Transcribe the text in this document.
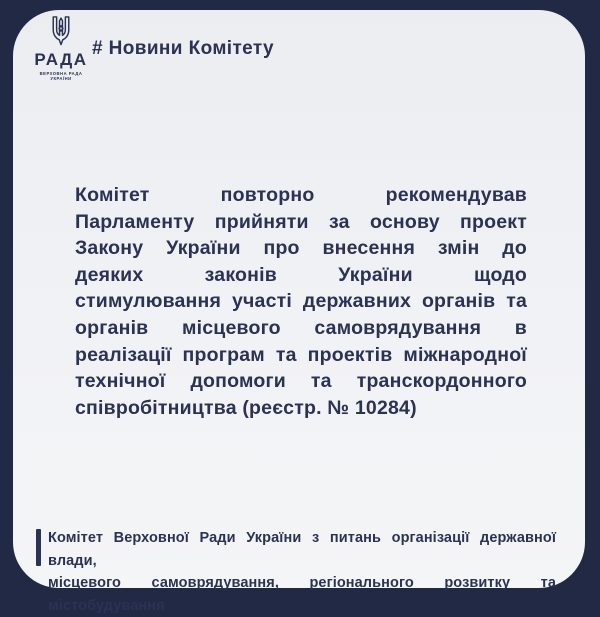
РАДА
ВЕРХОВНА РАДА
УКРАЇНИ
# Новини Комітету

Комітет повторно рекомендував

Парламенту прийняти за основу проект

Закону України про внесення змін до

деяких законів України щодо

стимулювання участі державних органів та

органів місцевого самоврядування в

реалізації програм та проектів міжнародної

технічної допомоги та транскордонного

співробітництва (реєстр. № 10284)

Комітет Верховної Ради України з питань організації державної влади,

місцевого самоврядування, регіонального розвитку та містобудування
